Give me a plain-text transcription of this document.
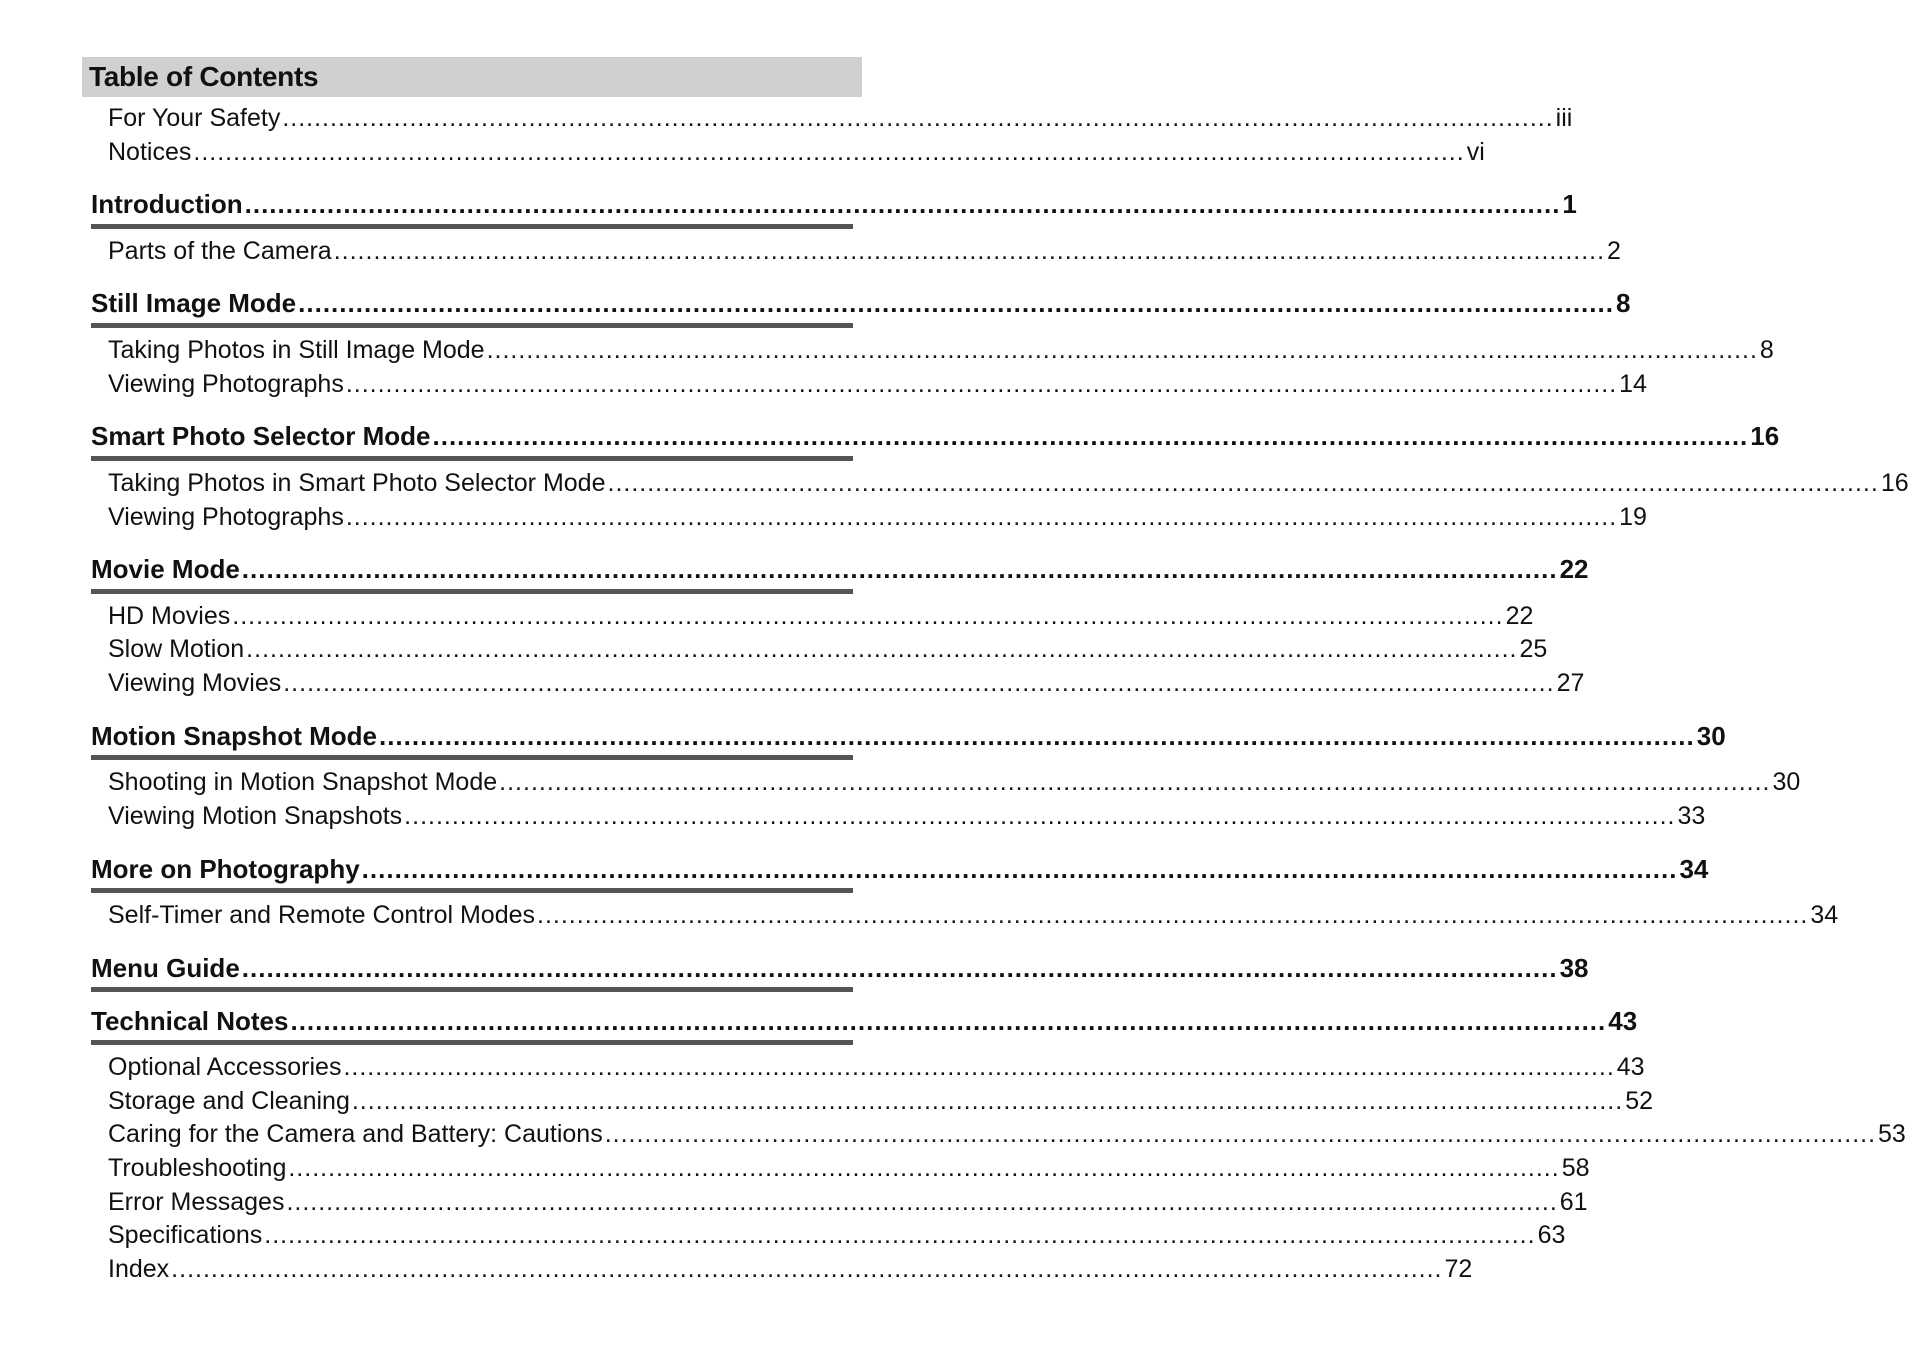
Table of Contents
For Your Safety ................................................................................................................................................................ iii
Notices ................................................................................................................................................................ vi
Introduction ................................................................................................................................................................ 1
Parts of the Camera ................................................................................................................................................................ 2
Still Image Mode ................................................................................................................................................................ 8
Taking Photos in Still Image Mode ................................................................................................................................................................ 8
Viewing Photographs ................................................................................................................................................................ 14
Smart Photo Selector Mode ................................................................................................................................................................ 16
Taking Photos in Smart Photo Selector Mode ................................................................................................................................................................ 16
Viewing Photographs ................................................................................................................................................................ 19
Movie Mode ................................................................................................................................................................ 22
HD Movies ................................................................................................................................................................ 22
Slow Motion ................................................................................................................................................................ 25
Viewing Movies ................................................................................................................................................................ 27
Motion Snapshot Mode ................................................................................................................................................................ 30
Shooting in Motion Snapshot Mode ................................................................................................................................................................ 30
Viewing Motion Snapshots ................................................................................................................................................................ 33
More on Photography ................................................................................................................................................................ 34
Self-Timer and Remote Control Modes ................................................................................................................................................................ 34
Menu Guide ................................................................................................................................................................ 38
Technical Notes ................................................................................................................................................................ 43
Optional Accessories ................................................................................................................................................................ 43
Storage and Cleaning ................................................................................................................................................................ 52
Caring for the Camera and Battery: Cautions ................................................................................................................................................................ 53
Troubleshooting ................................................................................................................................................................ 58
Error Messages ................................................................................................................................................................ 61
Specifications ................................................................................................................................................................ 63
Index ................................................................................................................................................................ 72
